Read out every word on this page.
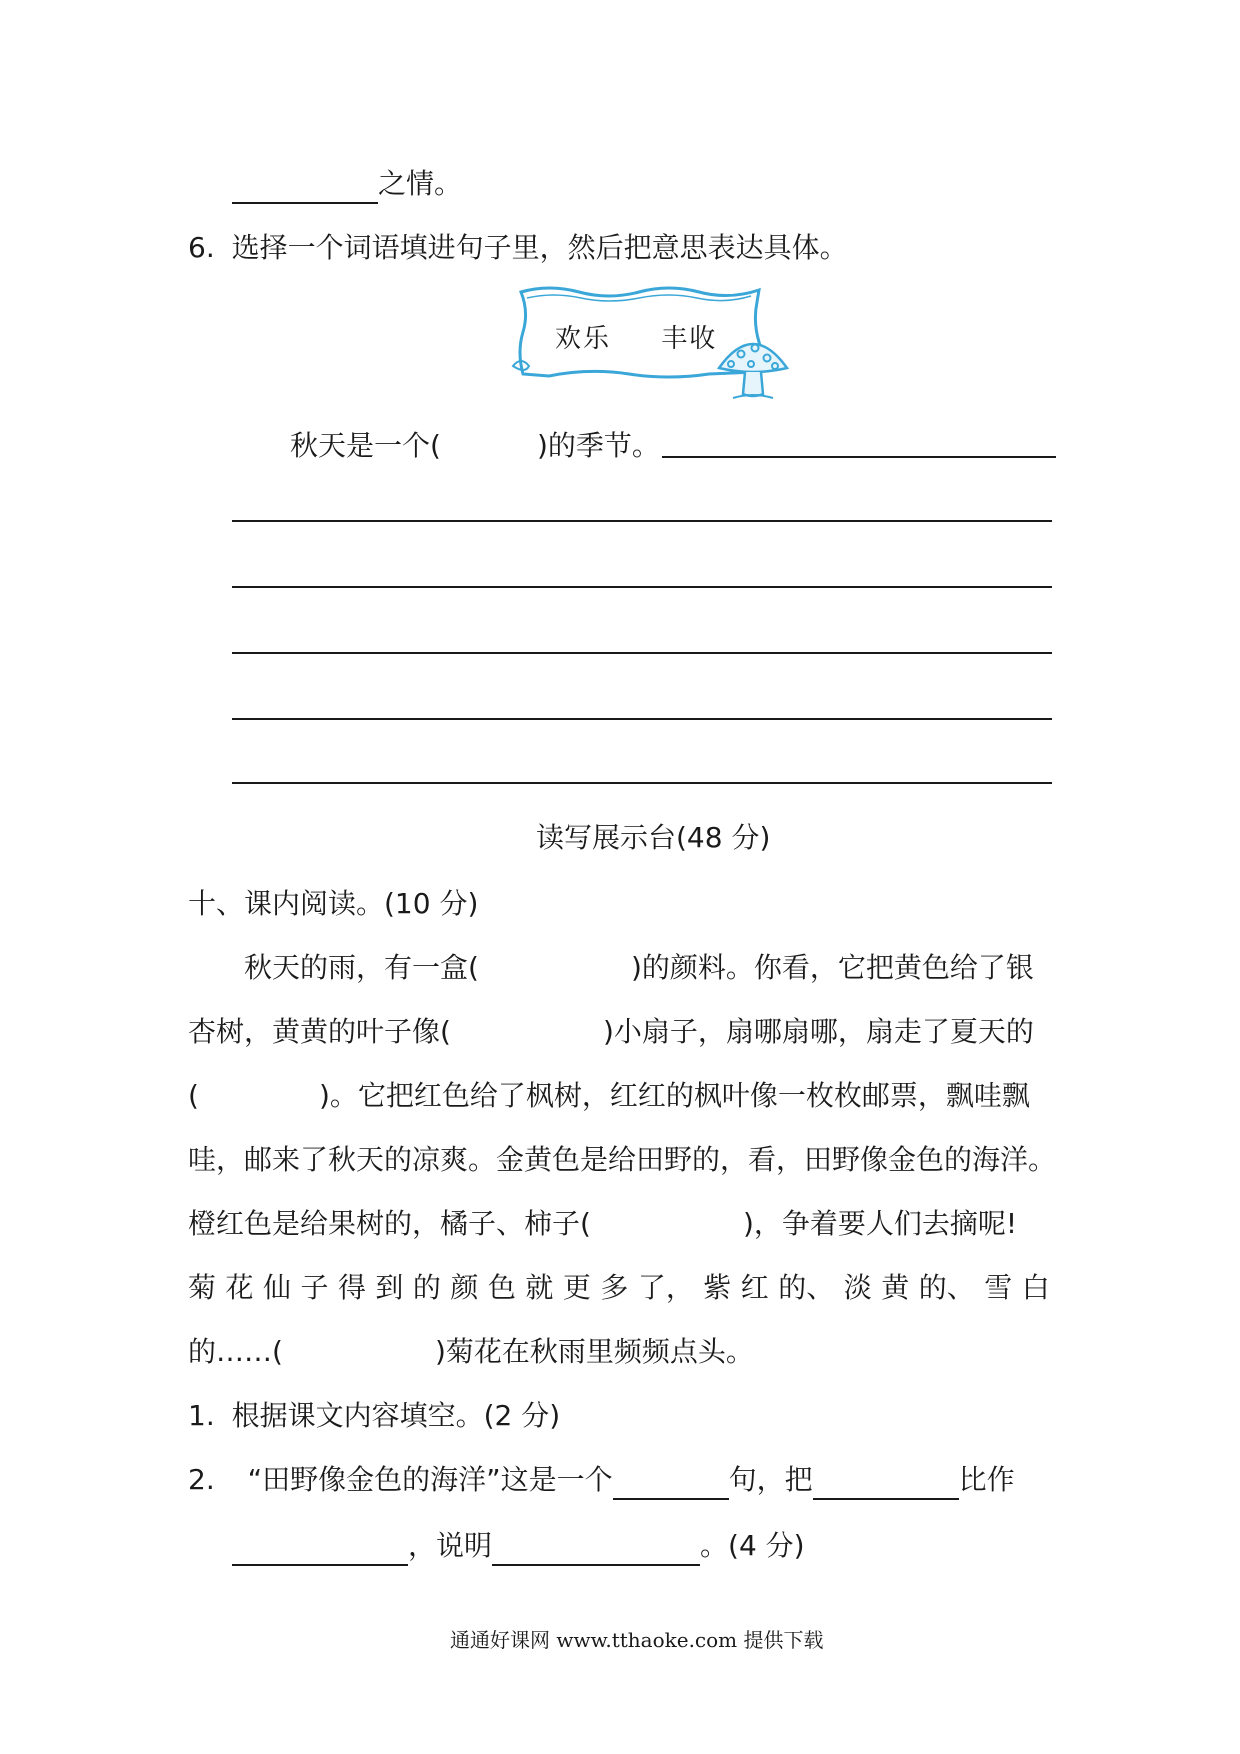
之情。
6. 选择一个词语填进句子里，然后把意思表达具体。
欢乐 丰收
秋天是一个(	)的季节。
读写展示台(48 分)
十、课内阅读。(10 分)
秋天的雨，有一盒(	)的颜料。你看，它把黄色给了银
杏树，黄黄的叶子像(	)小扇子，扇哪扇哪，扇走了夏天的
(	)。它把红色给了枫树，红红的枫叶像一枚枚邮票，飘哇飘
哇，邮来了秋天的凉爽。金黄色是给田野的，看，田野像金色的海洋。
橙红色是给果树的，橘子、柿子(	)，争着要人们去摘呢!
菊 花 仙 子 得 到 的 颜 色 就 更 多 了， 紫 红 的、 淡 黄 的、 雪 白
的……(	)菊花在秋雨里频频点头。
1. 根据课文内容填空。(2 分)
2. “田野像金色的海洋”这是一个	句，把	比作
，说明	。(4 分)
通通好课网 www.tthaoke.com 提供下载
